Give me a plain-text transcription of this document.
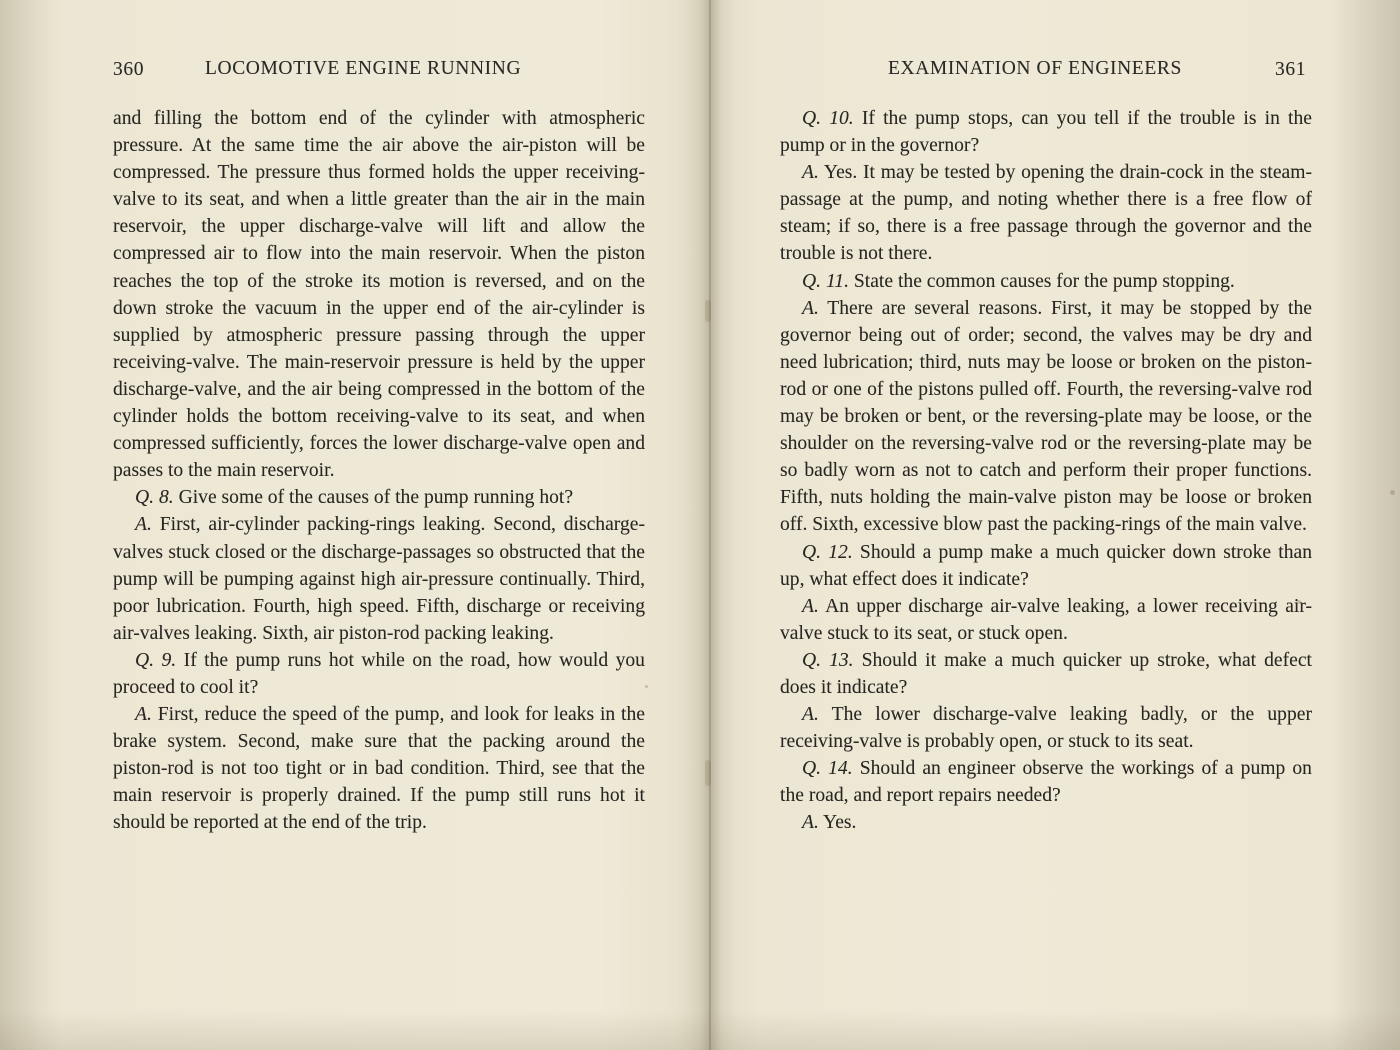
360	LOCOMOTIVE ENGINE RUNNING

and filling the bottom end of the cylinder with atmospheric pressure. At the same time the air above the air-piston will be compressed. The pressure thus formed holds the upper receiving-valve to its seat, and when a little greater than the air in the main reservoir, the upper discharge-valve will lift and allow the compressed air to flow into the main reservoir. When the piston reaches the top of the stroke its motion is reversed, and on the down stroke the vacuum in the upper end of the air-cylinder is supplied by atmospheric pressure passing through the upper receiving-valve. The main-reservoir pressure is held by the upper discharge-valve, and the air being compressed in the bottom of the cylinder holds the bottom receiving-valve to its seat, and when compressed sufficiently, forces the lower discharge-valve open and passes to the main reservoir.

Q. 8. Give some of the causes of the pump running hot?

A. First, air-cylinder packing-rings leaking. Second, discharge-valves stuck closed or the discharge-passages so obstructed that the pump will be pumping against high air-pressure continually. Third, poor lubrication. Fourth, high speed. Fifth, discharge or receiving air-valves leaking. Sixth, air piston-rod packing leaking.

Q. 9. If the pump runs hot while on the road, how would you proceed to cool it?

A. First, reduce the speed of the pump, and look for leaks in the brake system. Second, make sure that the packing around the piston-rod is not too tight or in bad condition. Third, see that the main reservoir is properly drained. If the pump still runs hot it should be reported at the end of the trip.

EXAMINATION OF ENGINEERS	361

Q. 10. If the pump stops, can you tell if the trouble is in the pump or in the governor?

A. Yes. It may be tested by opening the drain-cock in the steam-passage at the pump, and noting whether there is a free flow of steam; if so, there is a free passage through the governor and the trouble is not there.

Q. 11. State the common causes for the pump stopping.

A. There are several reasons. First, it may be stopped by the governor being out of order; second, the valves may be dry and need lubrication; third, nuts may be loose or broken on the piston-rod or one of the pistons pulled off. Fourth, the reversing-valve rod may be broken or bent, or the reversing-plate may be loose, or the shoulder on the reversing-valve rod or the reversing-plate may be so badly worn as not to catch and perform their proper functions. Fifth, nuts holding the main-valve piston may be loose or broken off. Sixth, excessive blow past the packing-rings of the main valve.

Q. 12. Should a pump make a much quicker down stroke than up, what effect does it indicate?

A. An upper discharge air-valve leaking, a lower receiving air-valve stuck to its seat, or stuck open.

Q. 13. Should it make a much quicker up stroke, what defect does it indicate?

A. The lower discharge-valve leaking badly, or the upper receiving-valve is probably open, or stuck to its seat.

Q. 14. Should an engineer observe the workings of a pump on the road, and report repairs needed?

A. Yes.
